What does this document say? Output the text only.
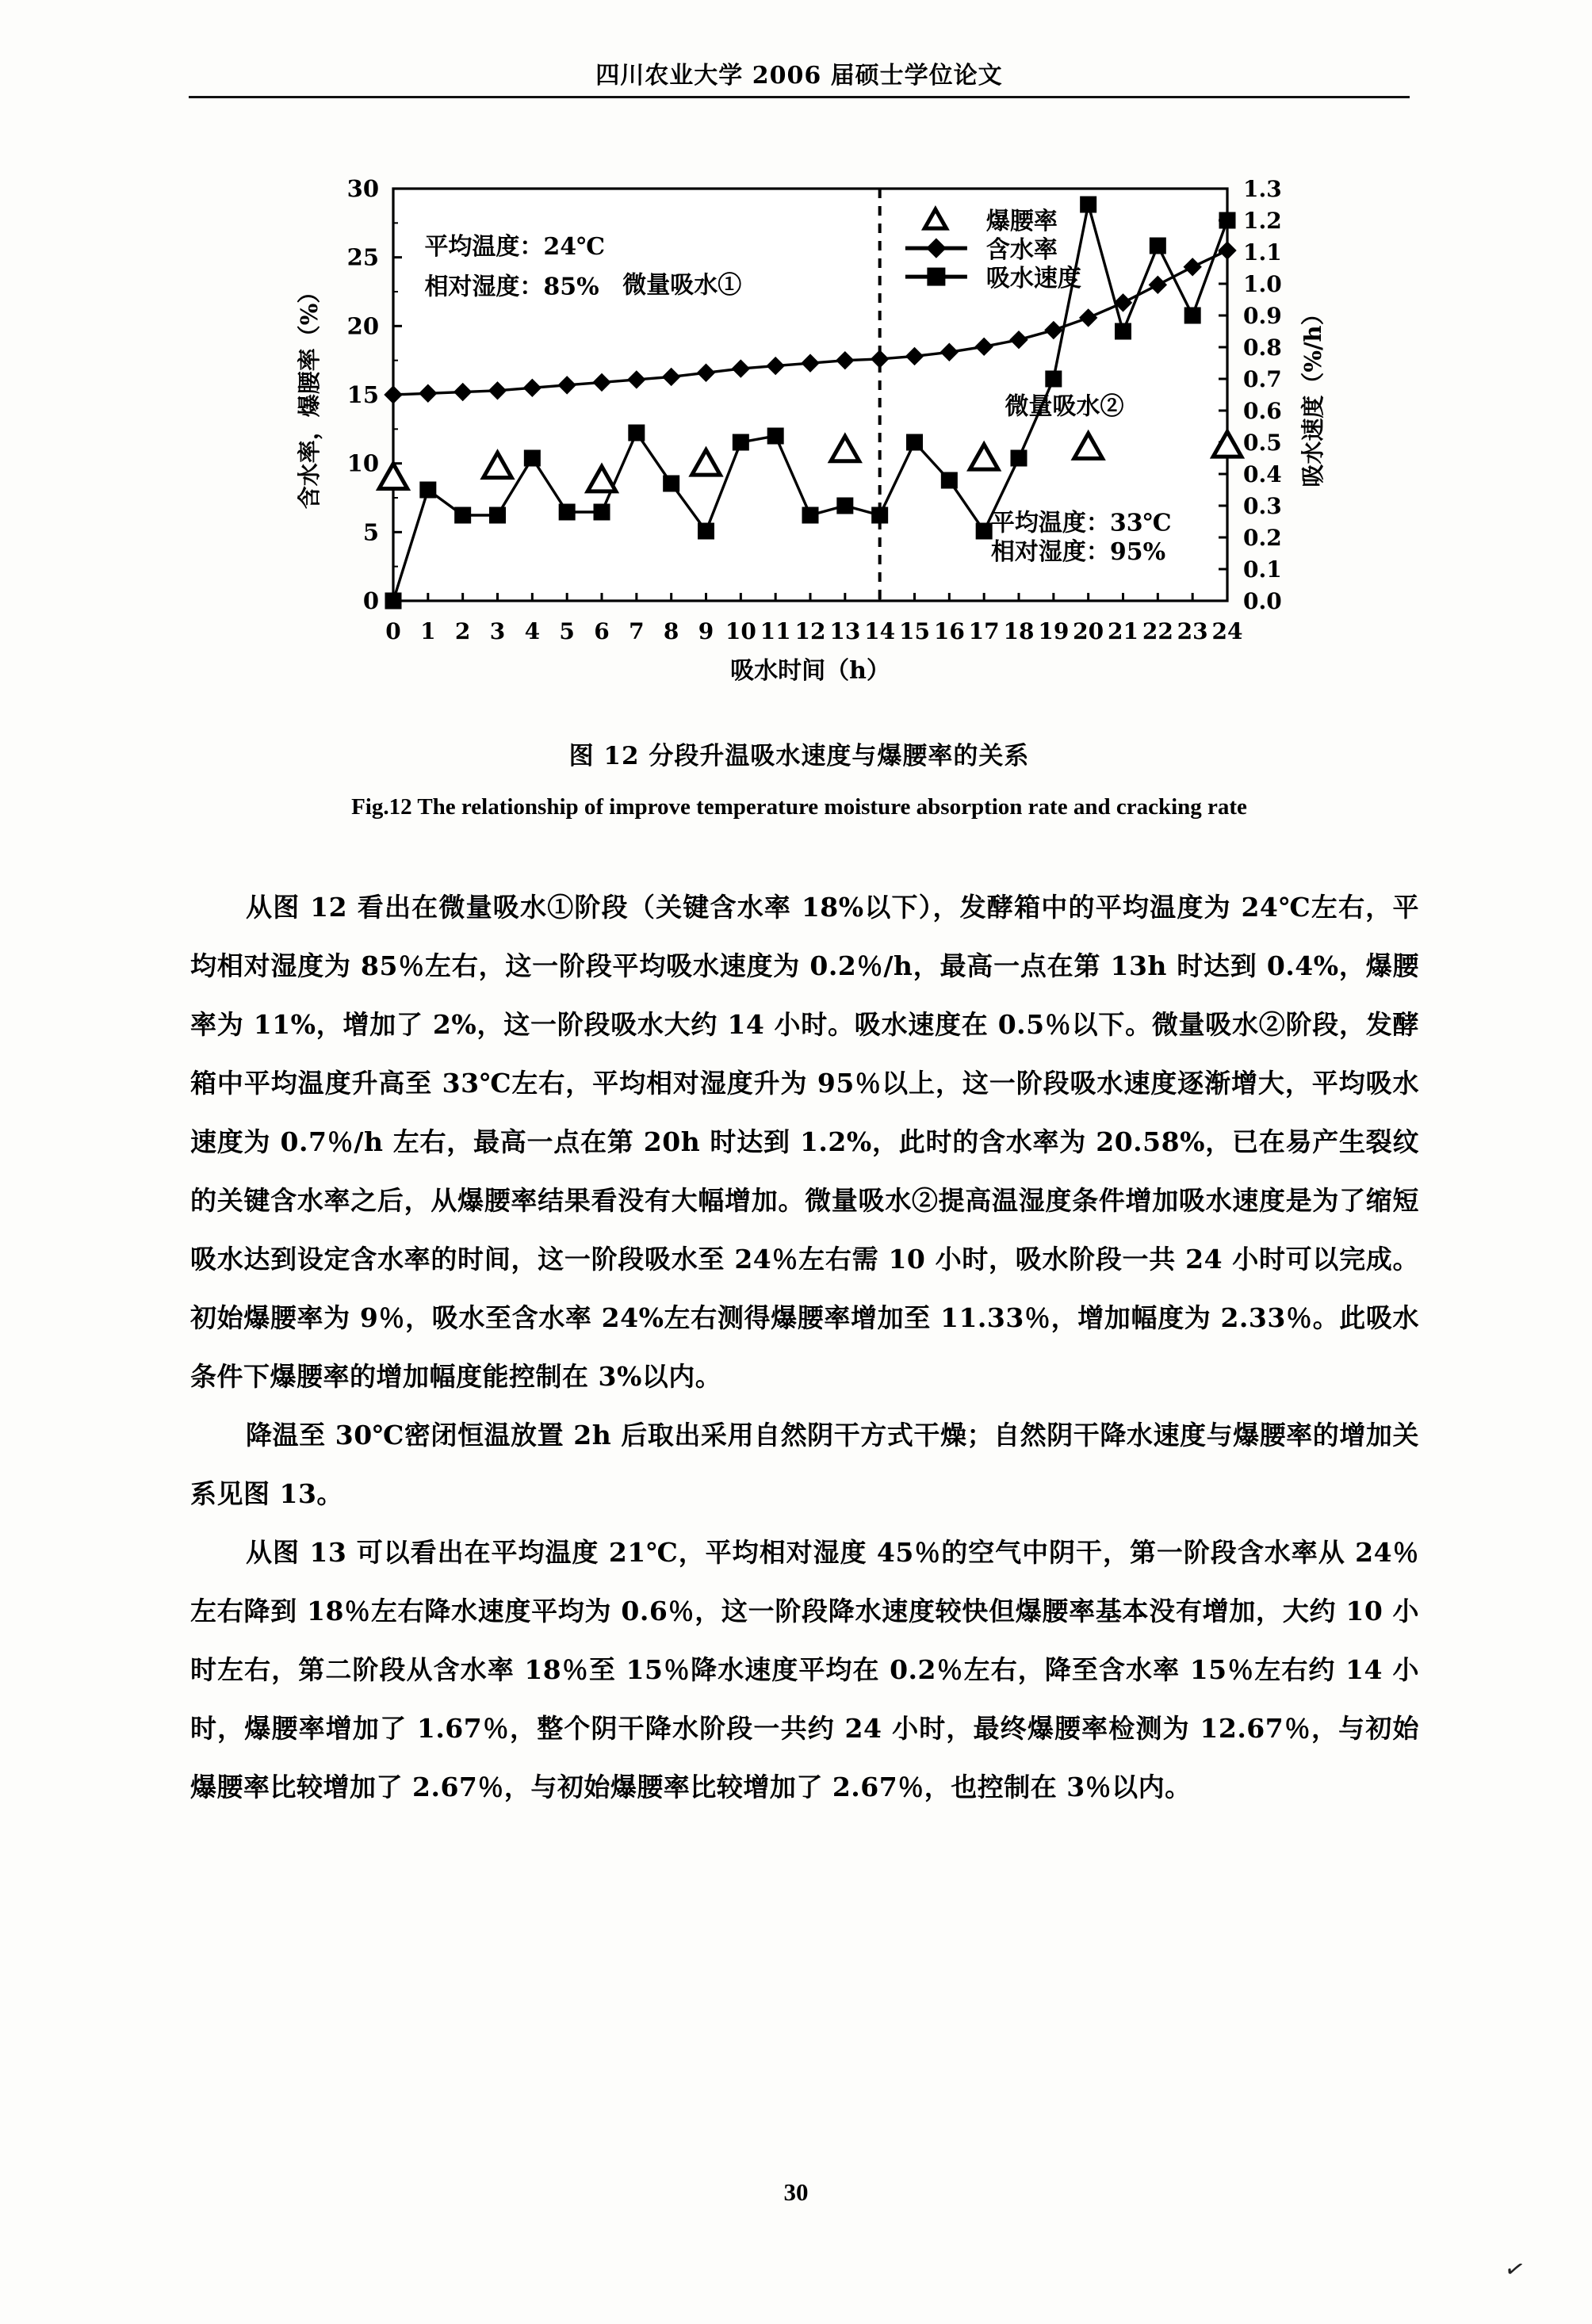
四川农业大学 2006 届硕士学位论文
0
5
10
15
20
25
30
0.0
0.1
0.2
0.3
0.4
0.5
0.6
0.7
0.8
0.9
1.0
1.1
1.2
1.3
0 1 2 3 4 5 6 7 8 9 10 11 12 13 14 15 16 17 18 19 20 21 22 23 24
吸水时间（h）
含水率，爆腰率（%）	吸水速度（%/h）
平均温度：24℃
相对湿度：85% 微量吸水①
微量吸水②
平均温度：33℃
相对湿度：95%
爆腰率
含水率
吸水速度
图 12 分段升温吸水速度与爆腰率的关系
Fig.12 The relationship of improve temperature moisture absorption rate and cracking rate

从图 12 看出在微量吸水①阶段（关键含水率 18%以下），发酵箱中的平均温度为 24℃左右，平均相对湿度为 85％左右，这一阶段平均吸水速度为 0.2％/h，最高一点在第 13h 时达到 0.4%，爆腰率为 11%，增加了 2%，这一阶段吸水大约 14 小时。吸水速度在 0.5％以下。微量吸水②阶段，发酵箱中平均温度升高至 33℃左右，平均相对湿度升为 95％以上，这一阶段吸水速度逐渐增大，平均吸水速度为 0.7％/h 左右，最高一点在第 20h 时达到 1.2%，此时的含水率为 20.58%，已在易产生裂纹的关键含水率之后，从爆腰率结果看没有大幅增加。微量吸水②提高温湿度条件增加吸水速度是为了缩短吸水达到设定含水率的时间，这一阶段吸水至 24％左右需 10 小时，吸水阶段一共 24 小时可以完成。初始爆腰率为 9％，吸水至含水率 24%左右测得爆腰率增加至 11.33％，增加幅度为 2.33％。此吸水条件下爆腰率的增加幅度能控制在 3%以内。

降温至 30℃密闭恒温放置 2h 后取出采用自然阴干方式干燥；自然阴干降水速度与爆腰率的增加关系见图 13。

从图 13 可以看出在平均温度 21℃，平均相对湿度 45％的空气中阴干，第一阶段含水率从 24％左右降到 18％左右降水速度平均为 0.6％，这一阶段降水速度较快但爆腰率基本没有增加，大约 10 小时左右，第二阶段从含水率 18％至 15％降水速度平均在 0.2％左右，降至含水率 15％左右约 14 小时，爆腰率增加了 1.67％，整个阴干降水阶段一共约 24 小时，最终爆腰率检测为 12.67％，与初始爆腰率比较增加了 2.67％，与初始爆腰率比较增加了 2.67％，也控制在 3％以内。

30
✓
